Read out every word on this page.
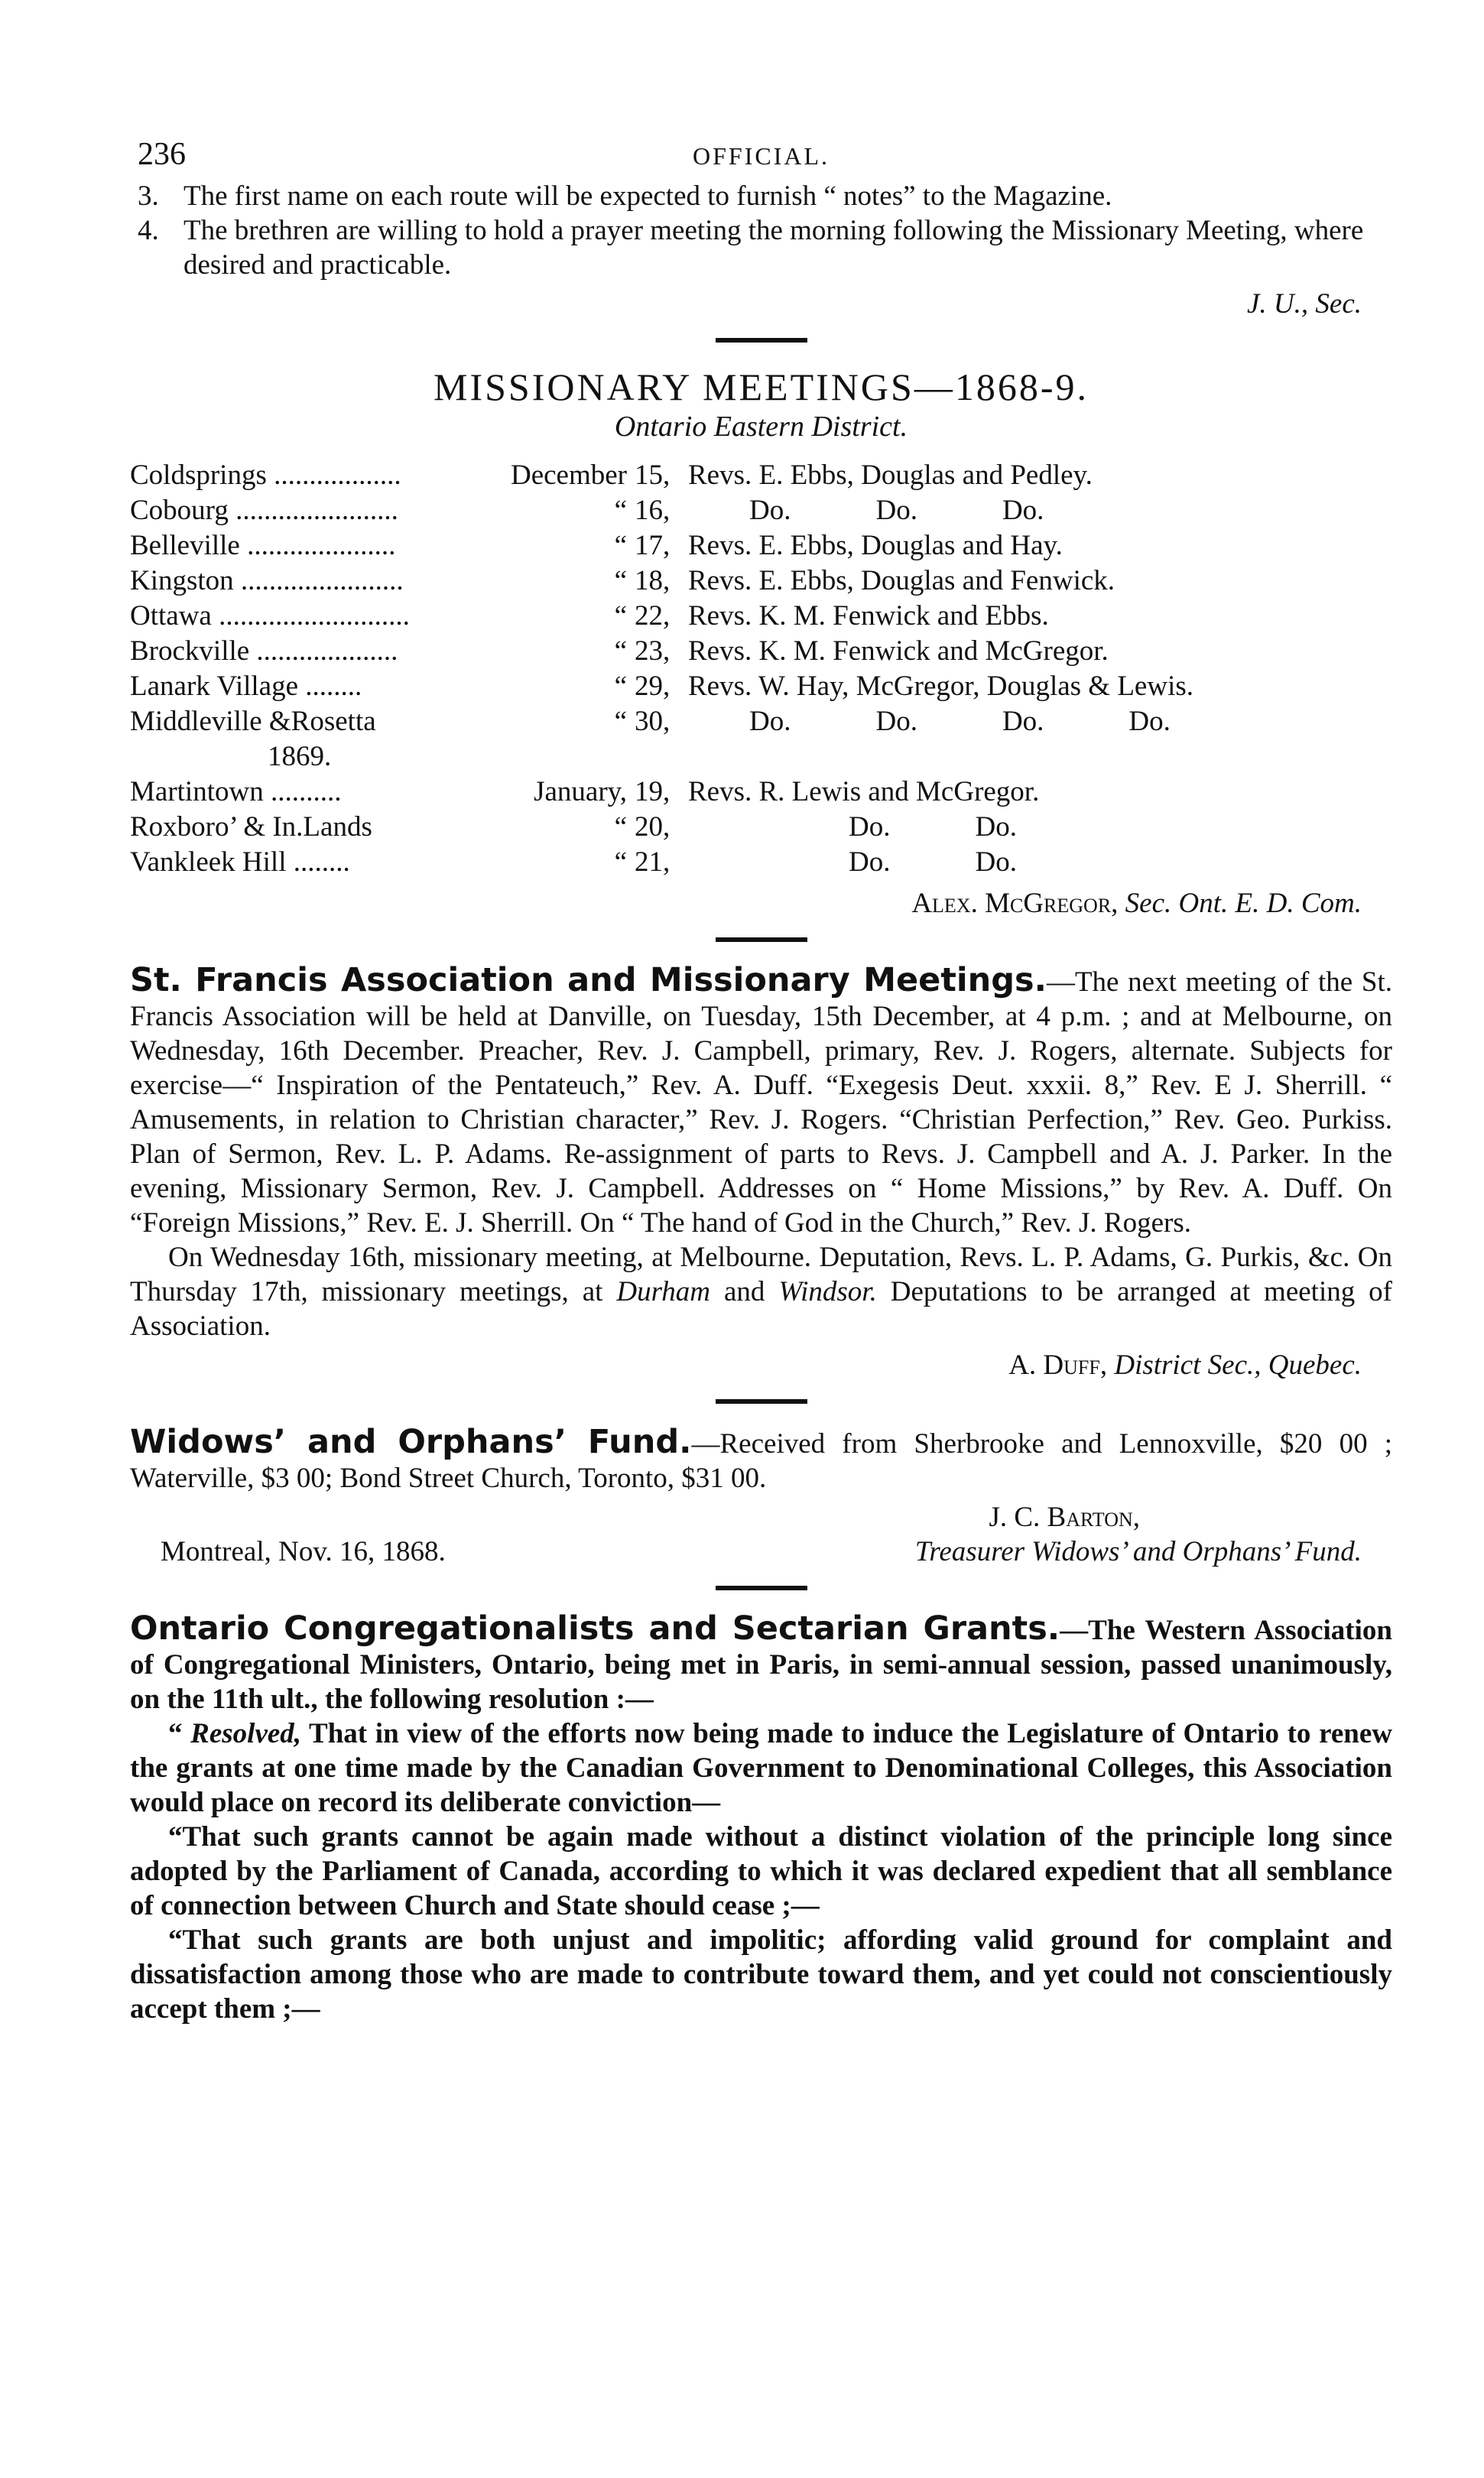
236	OFFICIAL.
3. The first name on each route will be expected to furnish “ notes” to the Magazine.
4. The brethren are willing to hold a prayer meeting the morning following the Missionary Meeting, where desired and practicable.
J. U., Sec.
MISSIONARY MEETINGS—1868-9.
Ontario Eastern District.
Coldsprings ..................	December 15, Revs. E. Ebbs, Douglas and Pedley.
Cobourg .......................	“ 16,	Do.            Do.            Do.
Belleville .....................	“ 17, Revs. E. Ebbs, Douglas and Hay.
Kingston .......................	“ 18, Revs. E. Ebbs, Douglas and Fenwick.
Ottawa ...........................	“ 22, Revs. K. M. Fenwick and Ebbs.
Brockville ....................	“ 23, Revs. K. M. Fenwick and McGregor.
Lanark Village ........	“ 29, Revs. W. Hay, McGregor, Douglas & Lewis.
Middleville &Rosetta	“ 30,	Do.            Do.            Do.            Do.
1869.
Martintown ..........	January, 19, Revs. R. Lewis and McGregor.
Roxboro’ & In.Lands	“ 20,	Do.            Do.
Vankleek Hill ........	“ 21,	Do.            Do.
Alex. McGregor, Sec. Ont. E. D. Com.

St. Francis Association and Missionary Meetings.—The next meeting of the St. Francis Association will be held at Danville, on Tuesday, 15th December, at 4 p.m. ; and at Melbourne, on Wednesday, 16th December. Preacher, Rev. J. Campbell, primary, Rev. J. Rogers, alternate. Subjects for exercise—“ Inspiration of the Pentateuch,” Rev. A. Duff. “Exegesis Deut. xxxii. 8,” Rev. E J. Sherrill. “ Amusements, in relation to Christian character,” Rev. J. Rogers. “Christian Perfection,” Rev. Geo. Purkiss. Plan of Sermon, Rev. L. P. Adams. Re-assignment of parts to Revs. J. Campbell and A. J. Parker. In the evening, Missionary Sermon, Rev. J. Campbell. Addresses on “ Home Missions,” by Rev. A. Duff. On “Foreign Missions,” Rev. E. J. Sherrill. On “ The hand of God in the Church,” Rev. J. Rogers.

On Wednesday 16th, missionary meeting, at Melbourne. Deputation, Revs. L. P. Adams, G. Purkis, &c. On Thursday 17th, missionary meetings, at Durham and Windsor. Deputations to be arranged at meeting of Association.

A. Duff, District Sec., Quebec.

Widows’ and Orphans’ Fund.—Received from Sherbrooke and Lennoxville, $20 00 ; Waterville, $3 00; Bond Street Church, Toronto, $31 00.

J. C. Barton,
Montreal, Nov. 16, 1868.	Treasurer Widows’ and Orphans’ Fund.

Ontario Congregationalists and Sectarian Grants.—The Western Association of Congregational Ministers, Ontario, being met in Paris, in semi-annual session, passed unanimously, on the 11th ult., the following resolution :—

“ Resolved, That in view of the efforts now being made to induce the Legislature of Ontario to renew the grants at one time made by the Canadian Government to Denominational Colleges, this Association would place on record its deliberate conviction—

“That such grants cannot be again made without a distinct violation of the principle long since adopted by the Parliament of Canada, according to which it was declared expedient that all semblance of connection between Church and State should cease ;—

“That such grants are both unjust and impolitic; affording valid ground for complaint and dissatisfaction among those who are made to contribute toward them, and yet could not conscientiously accept them ;—
